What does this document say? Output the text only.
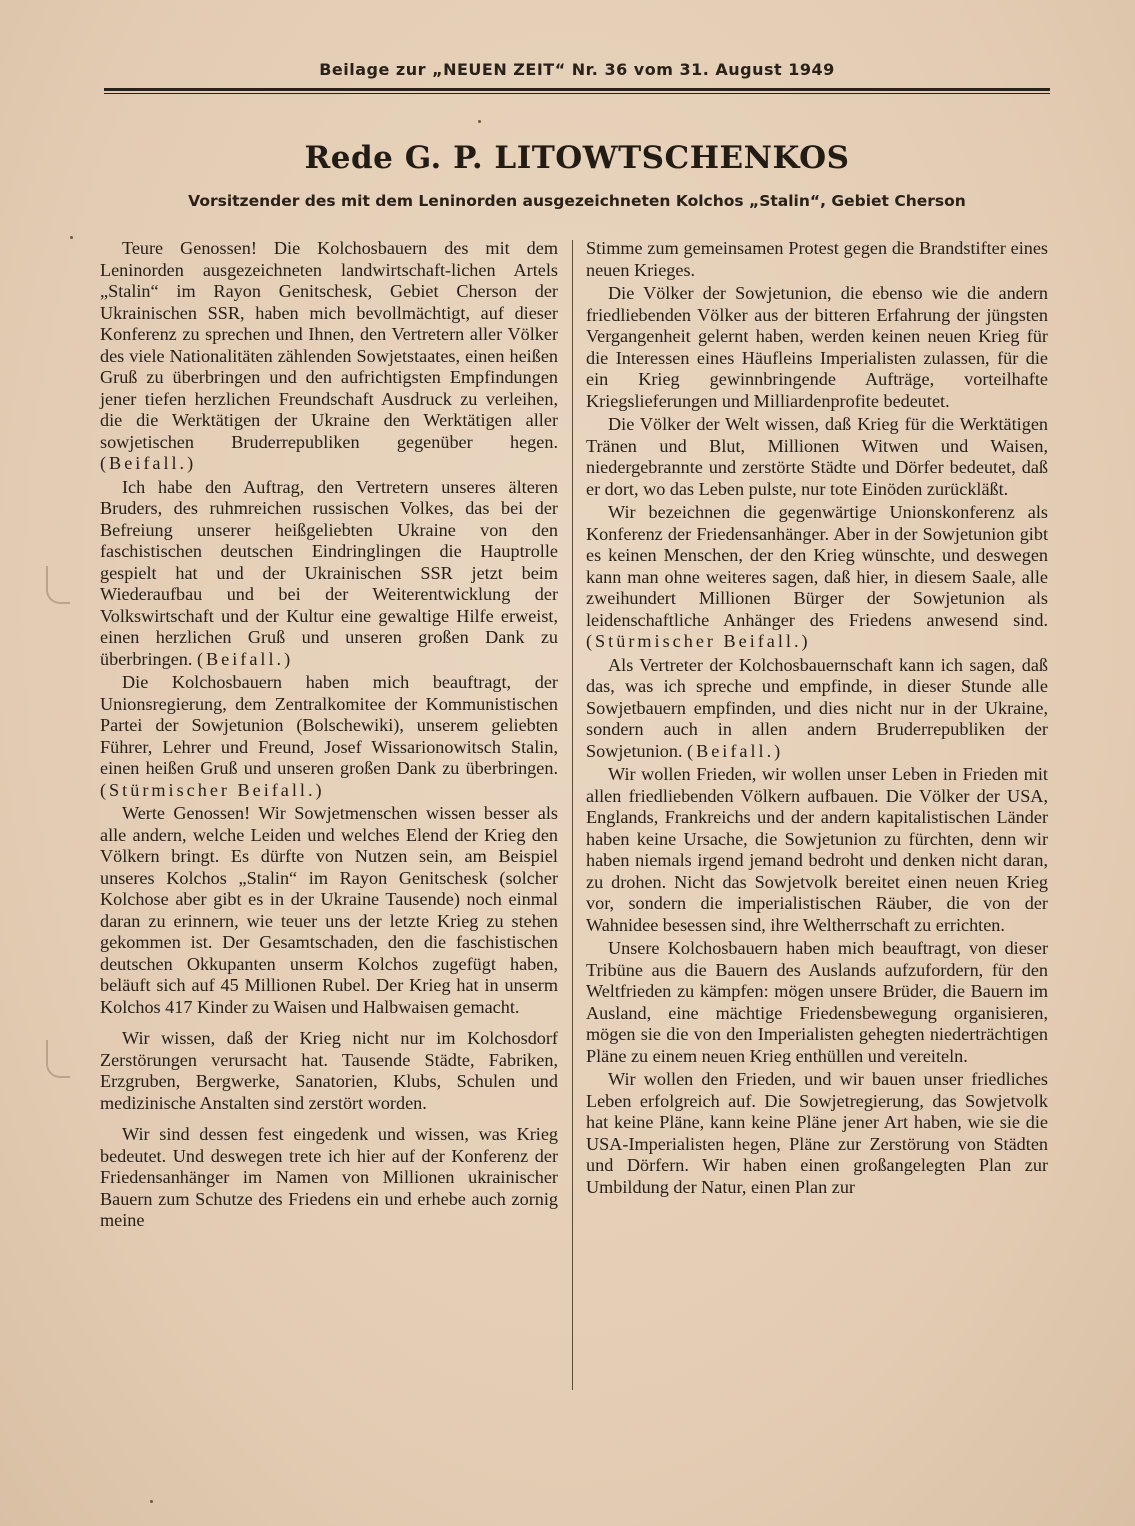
Beilage zur „NEUEN ZEIT“ Nr. 36 vom 31. August 1949
Rede G. P. LITOWTSCHENKOS
Vorsitzender des mit dem Leninorden ausgezeichneten Kolchos „Stalin“, Gebiet Cherson

Teure Genossen! Die Kolchosbauern des mit dem Leninorden ausgezeichneten landwirtschaft-lichen Artels „Stalin“ im Rayon Genitschesk, Gebiet Cherson der Ukrainischen SSR, haben mich bevollmächtigt, auf dieser Konferenz zu sprechen und Ihnen, den Vertretern aller Völker des viele Nationalitäten zählenden Sowjetstaates, einen heißen Gruß zu überbringen und den aufrichtigsten Empfindungen jener tiefen herzlichen Freundschaft Ausdruck zu verleihen, die die Werktätigen der Ukraine den Werktätigen aller sowjetischen Bruderrepubliken gegenüber hegen. (Beifall.)

Ich habe den Auftrag, den Vertretern unseres älteren Bruders, des ruhmreichen russischen Volkes, das bei der Befreiung unserer heißgeliebten Ukraine von den faschistischen deutschen Eindringlingen die Hauptrolle gespielt hat und der Ukrainischen SSR jetzt beim Wiederaufbau und bei der Weiterentwicklung der Volkswirtschaft und der Kultur eine gewaltige Hilfe erweist, einen herzlichen Gruß und unseren großen Dank zu überbringen. (Beifall.)

Die Kolchosbauern haben mich beauftragt, der Unionsregierung, dem Zentralkomitee der Kommunistischen Partei der Sowjetunion (Bolschewiki), unserem geliebten Führer, Lehrer und Freund, Josef Wissarionowitsch Stalin, einen heißen Gruß und unseren großen Dank zu überbringen. (Stürmischer Beifall.)

Werte Genossen! Wir Sowjetmenschen wissen besser als alle andern, welche Leiden und welches Elend der Krieg den Völkern bringt. Es dürfte von Nutzen sein, am Beispiel unseres Kolchos „Stalin“ im Rayon Genitschesk (solcher Kolchose aber gibt es in der Ukraine Tausende) noch einmal daran zu erinnern, wie teuer uns der letzte Krieg zu stehen gekommen ist. Der Gesamtschaden, den die faschistischen deutschen Okkupanten unserm Kolchos zugefügt haben, beläuft sich auf 45 Millionen Rubel. Der Krieg hat in unserm Kolchos 417 Kinder zu Waisen und Halbwaisen gemacht.

Wir wissen, daß der Krieg nicht nur im Kolchosdorf Zerstörungen verursacht hat. Tausende Städte, Fabriken, Erzgruben, Bergwerke, Sanatorien, Klubs, Schulen und medizinische Anstalten sind zerstört worden.

Wir sind dessen fest eingedenk und wissen, was Krieg bedeutet. Und deswegen trete ich hier auf der Konferenz der Friedensanhänger im Namen von Millionen ukrainischer Bauern zum Schutze des Friedens ein und erhebe auch zornig meine

Stimme zum gemeinsamen Protest gegen die Brandstifter eines neuen Krieges.

Die Völker der Sowjetunion, die ebenso wie die andern friedliebenden Völker aus der bitteren Erfahrung der jüngsten Vergangenheit gelernt haben, werden keinen neuen Krieg für die Interessen eines Häufleins Imperialisten zulassen, für die ein Krieg gewinnbringende Aufträge, vorteilhafte Kriegslieferungen und Milliardenprofite bedeutet.

Die Völker der Welt wissen, daß Krieg für die Werktätigen Tränen und Blut, Millionen Witwen und Waisen, niedergebrannte und zerstörte Städte und Dörfer bedeutet, daß er dort, wo das Leben pulste, nur tote Einöden zurückläßt.

Wir bezeichnen die gegenwärtige Unionskonferenz als Konferenz der Friedensanhänger. Aber in der Sowjetunion gibt es keinen Menschen, der den Krieg wünschte, und deswegen kann man ohne weiteres sagen, daß hier, in diesem Saale, alle zweihundert Millionen Bürger der Sowjetunion als leidenschaftliche Anhänger des Friedens anwesend sind. (Stürmischer Beifall.)

Als Vertreter der Kolchosbauernschaft kann ich sagen, daß das, was ich spreche und empfinde, in dieser Stunde alle Sowjetbauern empfinden, und dies nicht nur in der Ukraine, sondern auch in allen andern Bruderrepubliken der Sowjetunion. (Beifall.)

Wir wollen Frieden, wir wollen unser Leben in Frieden mit allen friedliebenden Völkern aufbauen. Die Völker der USA, Englands, Frankreichs und der andern kapitalistischen Länder haben keine Ursache, die Sowjetunion zu fürchten, denn wir haben niemals irgend jemand bedroht und denken nicht daran, zu drohen. Nicht das Sowjetvolk bereitet einen neuen Krieg vor, sondern die imperialistischen Räuber, die von der Wahnidee besessen sind, ihre Weltherrschaft zu errichten.

Unsere Kolchosbauern haben mich beauftragt, von dieser Tribüne aus die Bauern des Auslands aufzufordern, für den Weltfrieden zu kämpfen: mögen unsere Brüder, die Bauern im Ausland, eine mächtige Friedensbewegung organisieren, mögen sie die von den Imperialisten gehegten niederträchtigen Pläne zu einem neuen Krieg enthüllen und vereiteln.

Wir wollen den Frieden, und wir bauen unser friedliches Leben erfolgreich auf. Die Sowjetregierung, das Sowjetvolk hat keine Pläne, kann keine Pläne jener Art haben, wie sie die USA-Imperialisten hegen, Pläne zur Zerstörung von Städten und Dörfern. Wir haben einen großangelegten Plan zur Umbildung der Natur, einen Plan zur
